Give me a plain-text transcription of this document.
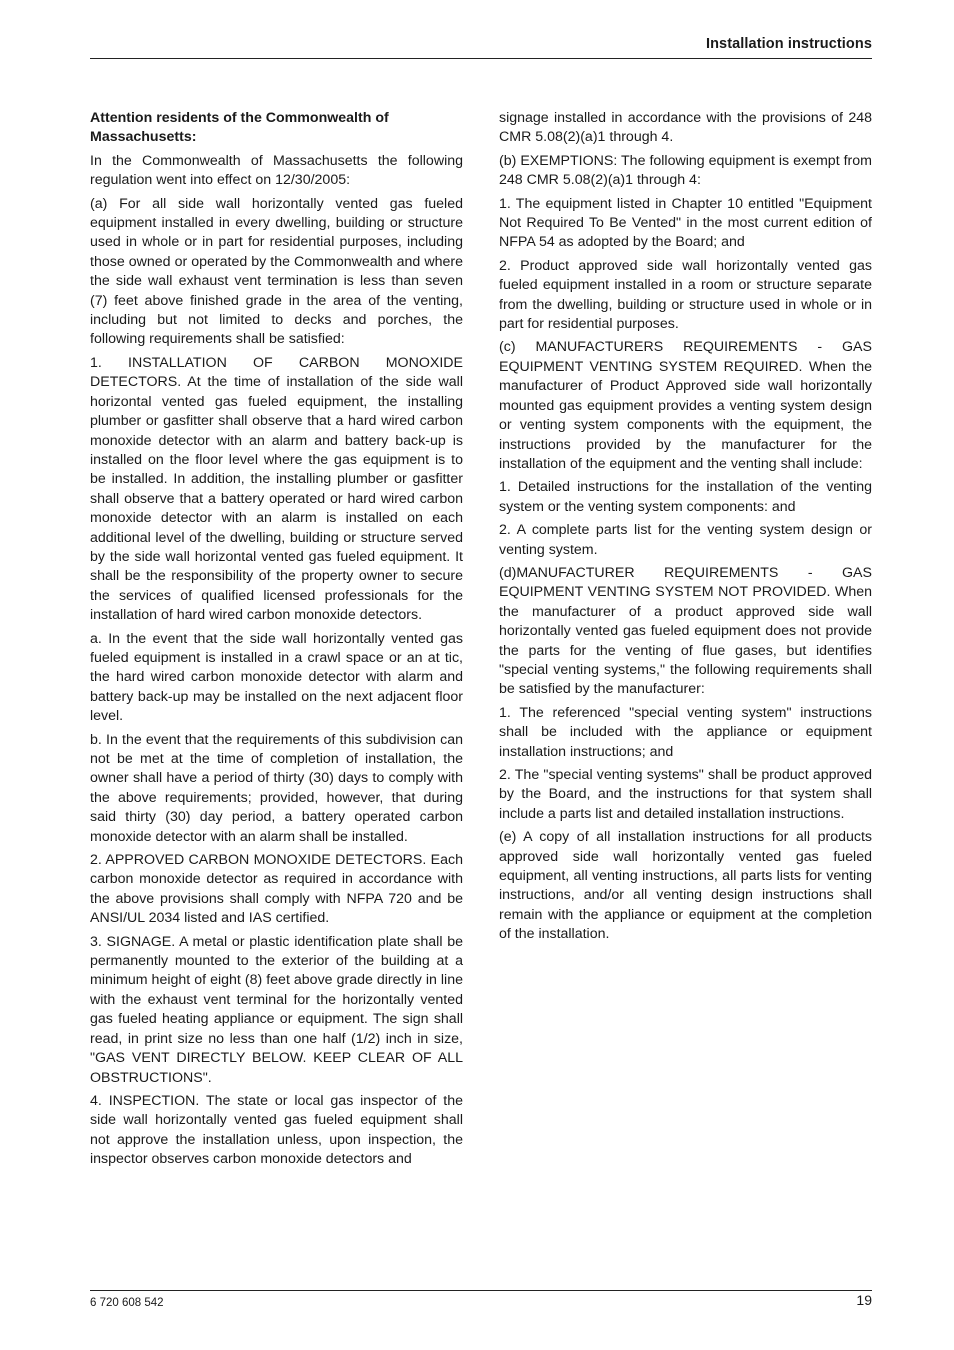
Installation instructions
Attention residents of the Commonwealth of Massachusetts:

In the Commonwealth of Massachusetts the following regulation went into effect on 12/30/2005:

(a) For all side wall horizontally vented gas fueled equipment installed in every dwelling, building or structure used in whole or in part for residential purposes, including those owned or operated by the Commonwealth and where the side wall exhaust vent termination is less than seven (7) feet above finished grade in the area of the venting, including but not limited to decks and porches, the following requirements shall be satisfied:

1. INSTALLATION OF CARBON MONOXIDE DETECTORS. At the time of installation of the side wall horizontal vented gas fueled equipment, the installing plumber or gasfitter shall observe that a hard wired carbon monoxide detector with an alarm and battery back-up is installed on the floor level where the gas equipment is to be installed. In addition, the installing plumber or gasfitter shall observe that a battery operated or hard wired carbon monoxide detector with an alarm is installed on each additional level of the dwelling, building or structure served by the side wall horizontal vented gas fueled equipment. It shall be the responsibility of the property owner to secure the services of qualified licensed professionals for the installation of hard wired carbon monoxide detectors.

a. In the event that the side wall horizontally vented gas fueled equipment is installed in a crawl space or an at tic, the hard wired carbon monoxide detector with alarm and battery back-up may be installed on the next adjacent floor level.

b. In the event that the requirements of this subdivision can not be met at the time of completion of installation, the owner shall have a period of thirty (30) days to comply with the above requirements; provided, however, that during said thirty (30) day period, a battery operated carbon monoxide detector with an alarm shall be installed.

2. APPROVED CARBON MONOXIDE DETECTORS. Each carbon monoxide detector as required in accordance with the above provisions shall comply with NFPA 720 and be ANSI/UL 2034 listed and IAS certified.

3. SIGNAGE. A metal or plastic identification plate shall be permanently mounted to the exterior of the building at a minimum height of eight (8) feet above grade directly in line with the exhaust vent terminal for the horizontally vented gas fueled heating appliance or equipment. The sign shall read, in print size no less than one half (1/2) inch in size, "GAS VENT DIRECTLY BELOW. KEEP CLEAR OF ALL OBSTRUCTIONS".

4. INSPECTION. The state or local gas inspector of the side wall horizontally vented gas fueled equipment shall not approve the installation unless, upon inspection, the inspector observes carbon monoxide detectors and

signage installed in accordance with the provisions of 248 CMR 5.08(2)(a)1 through 4.

(b) EXEMPTIONS: The following equipment is exempt from 248 CMR 5.08(2)(a)1 through 4:

1. The equipment listed in Chapter 10 entitled "Equipment Not Required To Be Vented" in the most current edition of NFPA 54 as adopted by the Board; and

2. Product approved side wall horizontally vented gas fueled equipment installed in a room or structure separate from the dwelling, building or structure used in whole or in part for residential purposes.

(c) MANUFACTURERS REQUIREMENTS - GAS EQUIPMENT VENTING SYSTEM REQUIRED. When the manufacturer of Product Approved side wall horizontally mounted gas equipment provides a venting system design or venting system components with the equipment, the instructions provided by the manufacturer for the installation of the equipment and the venting shall include:

1. Detailed instructions for the installation of the venting system or the venting system components: and

2. A complete parts list for the venting system design or venting system.

(d)MANUFACTURER REQUIREMENTS - GAS EQUIPMENT VENTING SYSTEM NOT PROVIDED. When the manufacturer of a product approved side wall horizontally vented gas fueled equipment does not provide the parts for the venting of flue gases, but identifies "special venting systems," the following requirements shall be satisfied by the manufacturer:

1. The referenced "special venting system" instructions shall be included with the appliance or equipment installation instructions; and

2. The "special venting systems" shall be product approved by the Board, and the instructions for that system shall include a parts list and detailed installation instructions.

(e) A copy of all installation instructions for all products approved side wall horizontally vented gas fueled equipment, all venting instructions, all parts lists for venting instructions, and/or all venting design instructions shall remain with the appliance or equipment at the completion of the installation.

6 720 608 542	19
